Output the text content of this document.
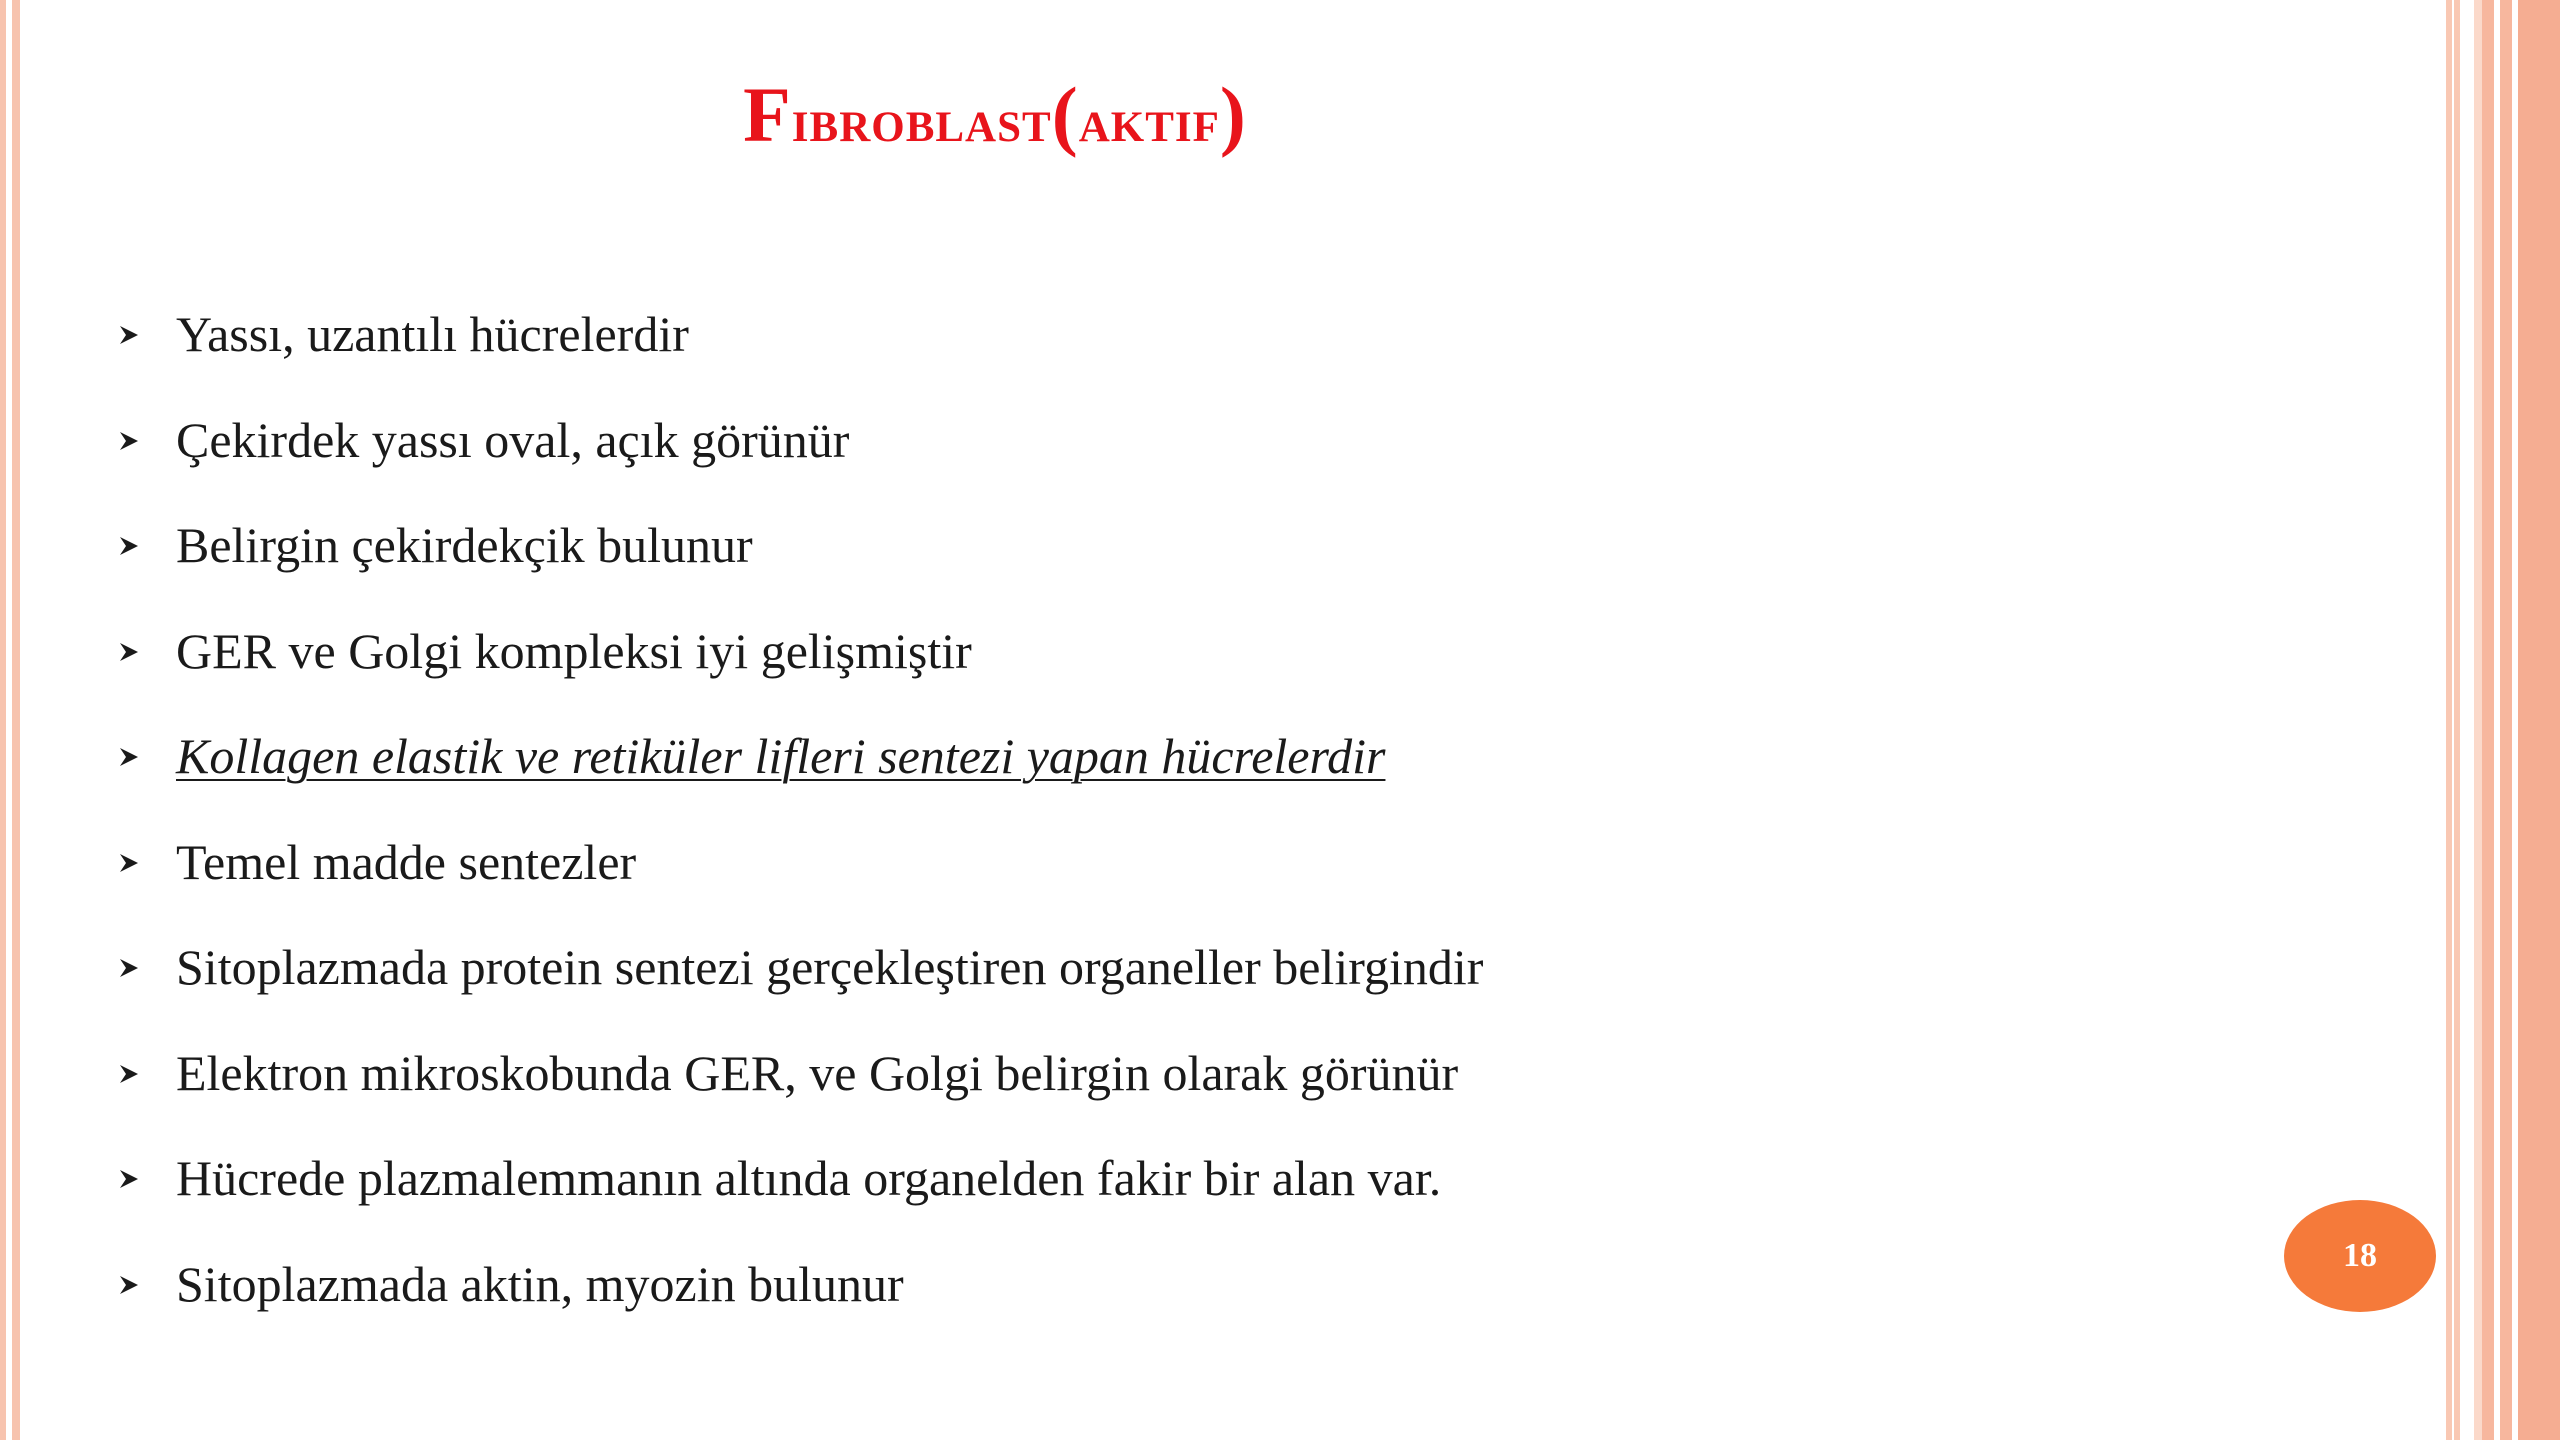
Fibroblast(aktif)
Yassı, uzantılı hücrelerdir
Çekirdek yassı oval, açık görünür
Belirgin çekirdekçik bulunur
GER ve Golgi kompleksi iyi gelişmiştir
Kollagen elastik ve retiküler lifleri sentezi yapan hücrelerdir
Temel madde sentezler
Sitoplazmada protein sentezi gerçekleştiren organeller belirgindir
Elektron mikroskobunda GER, ve Golgi belirgin olarak görünür
Hücrede plazmalemmanın altında organelden fakir bir alan var.
Sitoplazmada aktin, myozin bulunur	18
